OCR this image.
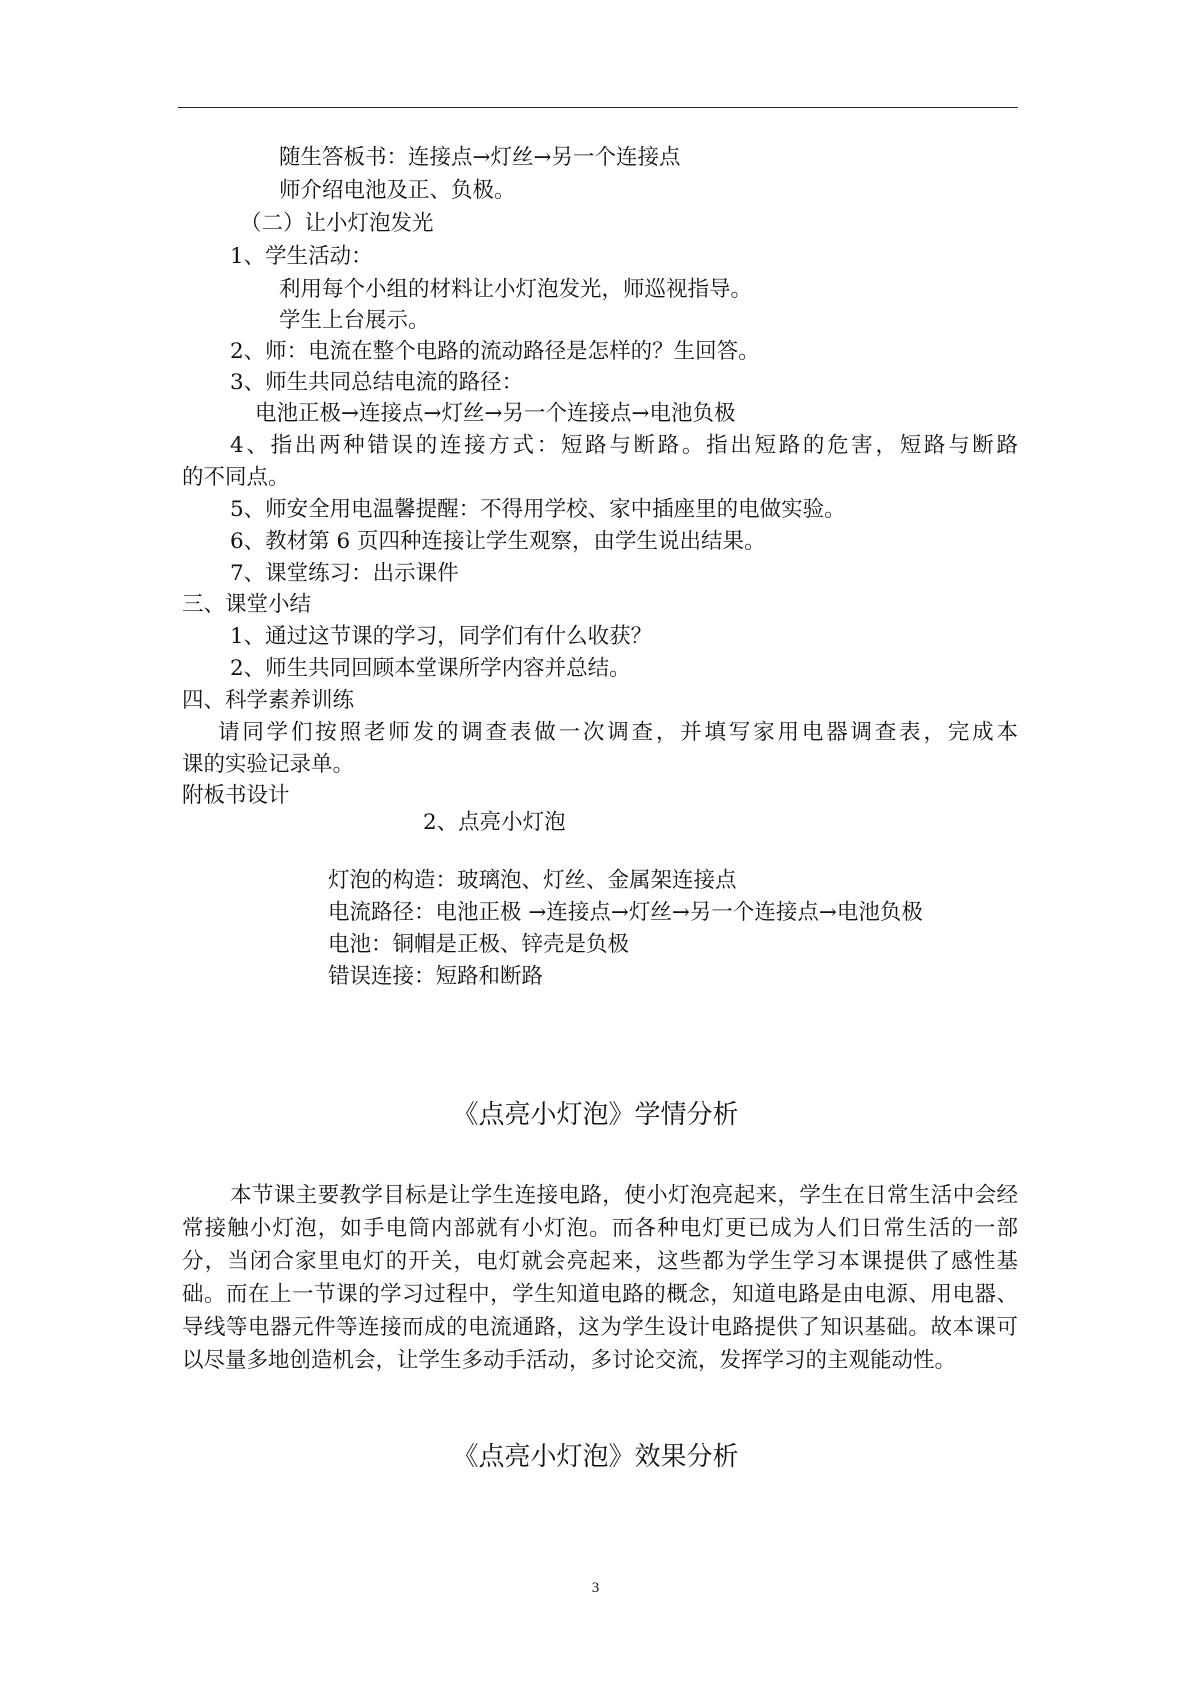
随生答板书：连接点→灯丝→另一个连接点
师介绍电池及正、负极。
（二）让小灯泡发光
1、学生活动：
利用每个小组的材料让小灯泡发光，师巡视指导。
学生上台展示。
2、师：电流在整个电路的流动路径是怎样的？生回答。
3、师生共同总结电流的路径：
电池正极→连接点→灯丝→另一个连接点→电池负极
4、指出两种错误的连接方式：短路与断路。指出短路的危害，短路与断路
的不同点。
5、师安全用电温馨提醒：不得用学校、家中插座里的电做实验。
6、教材第 6 页四种连接让学生观察，由学生说出结果。
7、课堂练习：出示课件
三、课堂小结
1、通过这节课的学习，同学们有什么收获？
2、师生共同回顾本堂课所学内容并总结。
四、科学素养训练
请同学们按照老师发的调查表做一次调查，并填写家用电器调查表，完成本
课的实验记录单。
附板书设计
2、点亮小灯泡
灯泡的构造：玻璃泡、灯丝、金属架连接点
电流路径：电池正极 →连接点→灯丝→另一个连接点→电池负极
电池：铜帽是正极、锌壳是负极
错误连接：短路和断路
《点亮小灯泡》学情分析
本节课主要教学目标是让学生连接电路，使小灯泡亮起来，学生在日常生活中会经常接触小灯泡，如手电筒内部就有小灯泡。而各种电灯更已成为人们日常生活的一部分，当闭合家里电灯的开关，电灯就会亮起来，这些都为学生学习本课提供了感性基础。而在上一节课的学习过程中，学生知道电路的概念，知道电路是由电源、用电器、导线等电器元件等连接而成的电流通路，这为学生设计电路提供了知识基础。故本课可以尽量多地创造机会，让学生多动手活动，多讨论交流，发挥学习的主观能动性。
《点亮小灯泡》效果分析
3
